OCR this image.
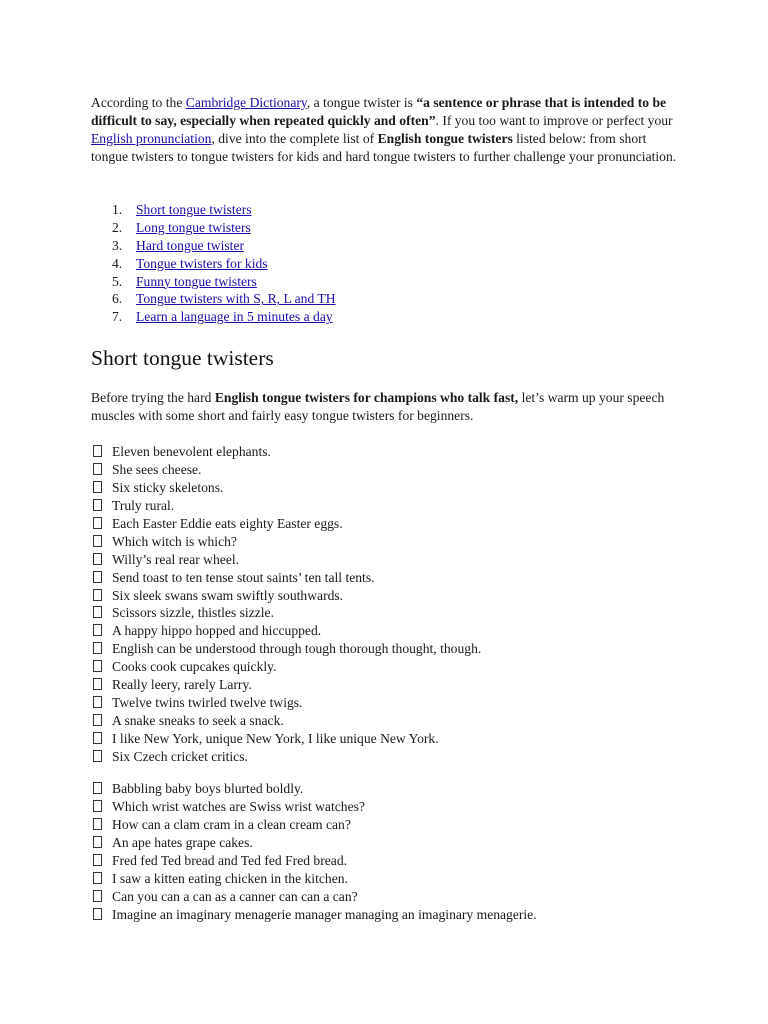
According to the Cambridge Dictionary, a tongue twister is “a sentence or phrase that is intended to be difficult to say, especially when repeated quickly and often”. If you too want to improve or perfect your English pronunciation, dive into the complete list of English tongue twisters listed below: from short tongue twisters to tongue twisters for kids and hard tongue twisters to further challenge your pronunciation.

1. Short tongue twisters
2. Long tongue twisters
3. Hard tongue twister
4. Tongue twisters for kids
5. Funny tongue twisters
6. Tongue twisters with S, R, L and TH
7. Learn a language in 5 minutes a day
Short tongue twisters

Before trying the hard English tongue twisters for champions who talk fast, let’s warm up your speech muscles with some short and fairly easy tongue twisters for beginners.

Eleven benevolent elephants.
She sees cheese.
Six sticky skeletons.
Truly rural.
Each Easter Eddie eats eighty Easter eggs.
Which witch is which?
Willy’s real rear wheel.
Send toast to ten tense stout saints’ ten tall tents.
Six sleek swans swam swiftly southwards.
Scissors sizzle, thistles sizzle.
A happy hippo hopped and hiccupped.
English can be understood through tough thorough thought, though.
Cooks cook cupcakes quickly.
Really leery, rarely Larry.
Twelve twins twirled twelve twigs.
A snake sneaks to seek a snack.
I like New York, unique New York, I like unique New York.
Six Czech cricket critics.
Babbling baby boys blurted boldly.
Which wrist watches are Swiss wrist watches?
How can a clam cram in a clean cream can?
An ape hates grape cakes.
Fred fed Ted bread and Ted fed Fred bread.
I saw a kitten eating chicken in the kitchen.
Can you can a can as a canner can can a can?
Imagine an imaginary menagerie manager managing an imaginary menagerie.
